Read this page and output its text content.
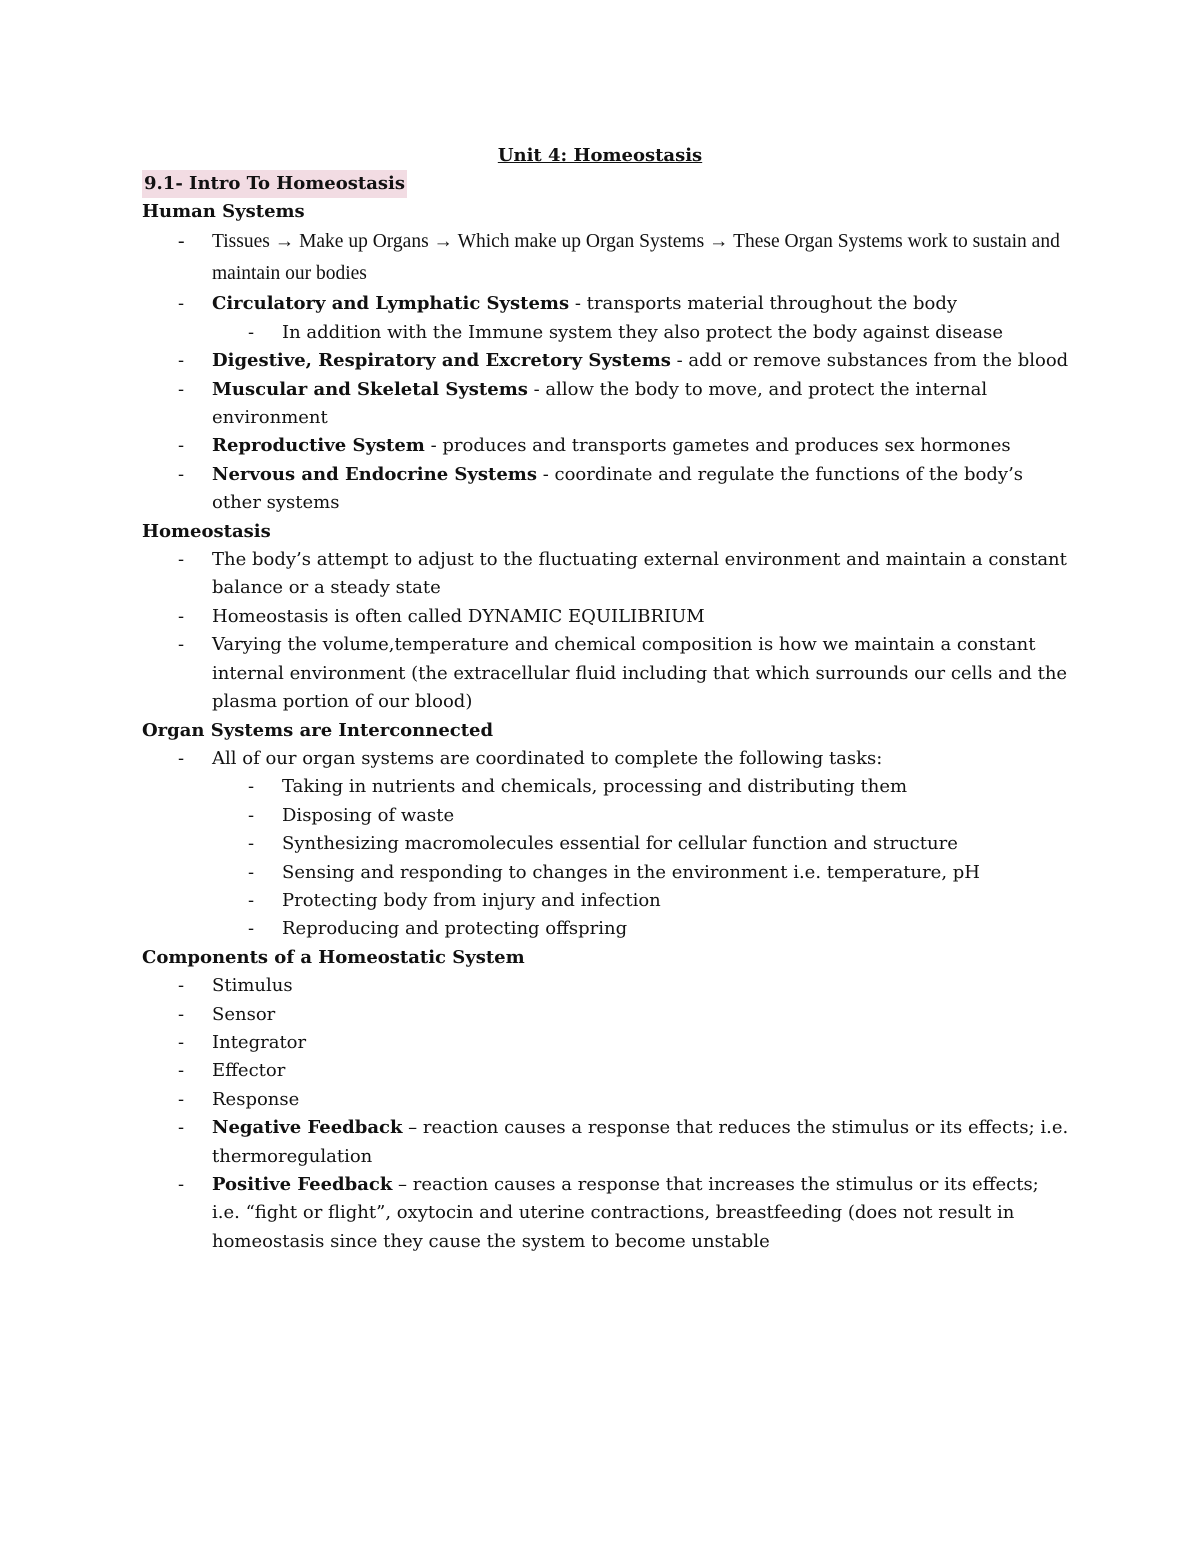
Unit 4: Homeostasis
9.1- Intro To Homeostasis
Human Systems
- Tissues → Make up Organs → Which make up Organ Systems → These Organ Systems work to sustain and maintain our bodies
- Circulatory and Lymphatic Systems - transports material throughout the body
- In addition with the Immune system they also protect the body against disease
- Digestive, Respiratory and Excretory Systems - add or remove substances from the blood
- Muscular and Skeletal Systems - allow the body to move, and protect the internal environment
- Reproductive System - produces and transports gametes and produces sex hormones
- Nervous and Endocrine Systems - coordinate and regulate the functions of the body’s other systems
Homeostasis
- The body’s attempt to adjust to the fluctuating external environment and maintain a constant balance or a steady state
- Homeostasis is often called DYNAMIC EQUILIBRIUM
- Varying the volume,temperature and chemical composition is how we maintain a constant internal environment (the extracellular fluid including that which surrounds our cells and the plasma portion of our blood)
Organ Systems are Interconnected
- All of our organ systems are coordinated to complete the following tasks:
- Taking in nutrients and chemicals, processing and distributing them
- Disposing of waste
- Synthesizing macromolecules essential for cellular function and structure
- Sensing and responding to changes in the environment i.e. temperature, pH
- Protecting body from injury and infection
- Reproducing and protecting offspring
Components of a Homeostatic System
- Stimulus
- Sensor
- Integrator
- Effector
- Response
- Negative Feedback – reaction causes a response that reduces the stimulus or its effects; i.e. thermoregulation
- Positive Feedback – reaction causes a response that increases the stimulus or its effects; i.e. “fight or flight”, oxytocin and uterine contractions, breastfeeding (does not result in homeostasis since they cause the system to become unstable
